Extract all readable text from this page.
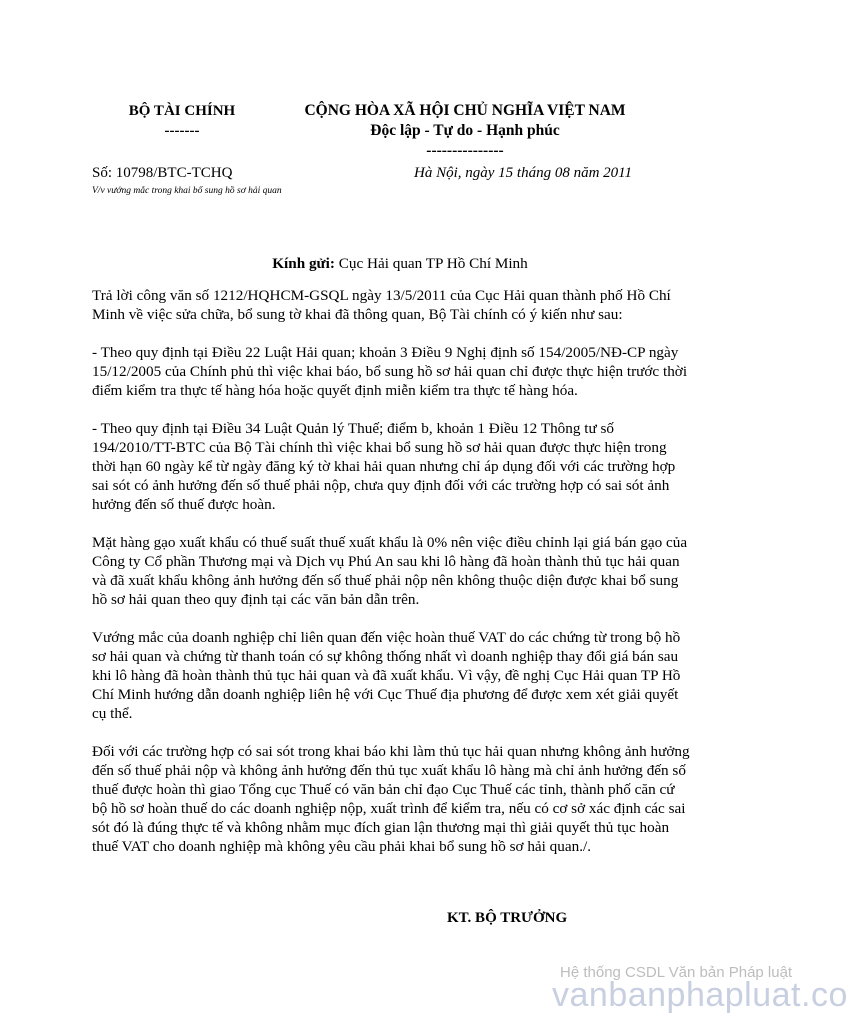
BỘ TÀI CHÍNH
-------
CỘNG HÒA XÃ HỘI CHỦ NGHĨA VIỆT NAM
Độc lập - Tự do - Hạnh phúc
---------------
Số: 10798/BTC-TCHQ
V/v vướng mắc trong khai bổ sung hồ sơ hải quan
Hà Nội, ngày 15 tháng 08 năm 2011
Kính gửi: Cục Hải quan TP Hồ Chí Minh

Trả lời công văn số 1212/HQHCM-GSQL ngày 13/5/2011 của Cục Hải quan thành phố Hồ Chí Minh về việc sửa chữa, bổ sung tờ khai đã thông quan, Bộ Tài chính có ý kiến như sau:

- Theo quy định tại Điều 22 Luật Hải quan; khoản 3 Điều 9 Nghị định số 154/2005/NĐ-CP ngày 15/12/2005 của Chính phủ thì việc khai báo, bổ sung hồ sơ hải quan chỉ được thực hiện trước thời điểm kiểm tra thực tế hàng hóa hoặc quyết định miễn kiểm tra thực tế hàng hóa.

- Theo quy định tại Điều 34 Luật Quản lý Thuế; điểm b, khoản 1 Điều 12 Thông tư số 194/2010/TT-BTC của Bộ Tài chính thì việc khai bổ sung hồ sơ hải quan được thực hiện trong thời hạn 60 ngày kể từ ngày đăng ký tờ khai hải quan nhưng chỉ áp dụng đối với các trường hợp sai sót có ảnh hưởng đến số thuế phải nộp, chưa quy định đối với các trường hợp có sai sót ảnh hưởng đến số thuế được hoàn.

Mặt hàng gạo xuất khẩu có thuế suất thuế xuất khẩu là 0% nên việc điều chỉnh lại giá bán gạo của Công ty Cổ phần Thương mại và Dịch vụ Phú An sau khi lô hàng đã hoàn thành thủ tục hải quan và đã xuất khẩu không ảnh hưởng đến số thuế phải nộp nên không thuộc diện được khai bổ sung hồ sơ hải quan theo quy định tại các văn bản dẫn trên.

Vướng mắc của doanh nghiệp chỉ liên quan đến việc hoàn thuế VAT do các chứng từ trong bộ hồ sơ hải quan và chứng từ thanh toán có sự không thống nhất vì doanh nghiệp thay đổi giá bán sau khi lô hàng đã hoàn thành thủ tục hải quan và đã xuất khẩu. Vì vậy, đề nghị Cục Hải quan TP Hồ Chí Minh hướng dẫn doanh nghiệp liên hệ với Cục Thuế địa phương để được xem xét giải quyết cụ thể.

Đối với các trường hợp có sai sót trong khai báo khi làm thủ tục hải quan nhưng không ảnh hưởng đến số thuế phải nộp và không ảnh hưởng đến thủ tục xuất khẩu lô hàng mà chỉ ảnh hưởng đến số thuế được hoàn thì giao Tổng cục Thuế có văn bản chỉ đạo Cục Thuế các tỉnh, thành phố căn cứ bộ hồ sơ hoàn thuế do các doanh nghiệp nộp, xuất trình để kiểm tra, nếu có cơ sở xác định các sai sót đó là đúng thực tế và không nhằm mục đích gian lận thương mại thì giải quyết thủ tục hoàn thuế VAT cho doanh nghiệp mà không yêu cầu phải khai bổ sung hồ sơ hải quan./.

KT. BỘ TRƯỞNG
Hệ thống CSDL Văn bản Pháp luật
vanbanphapluat.co
